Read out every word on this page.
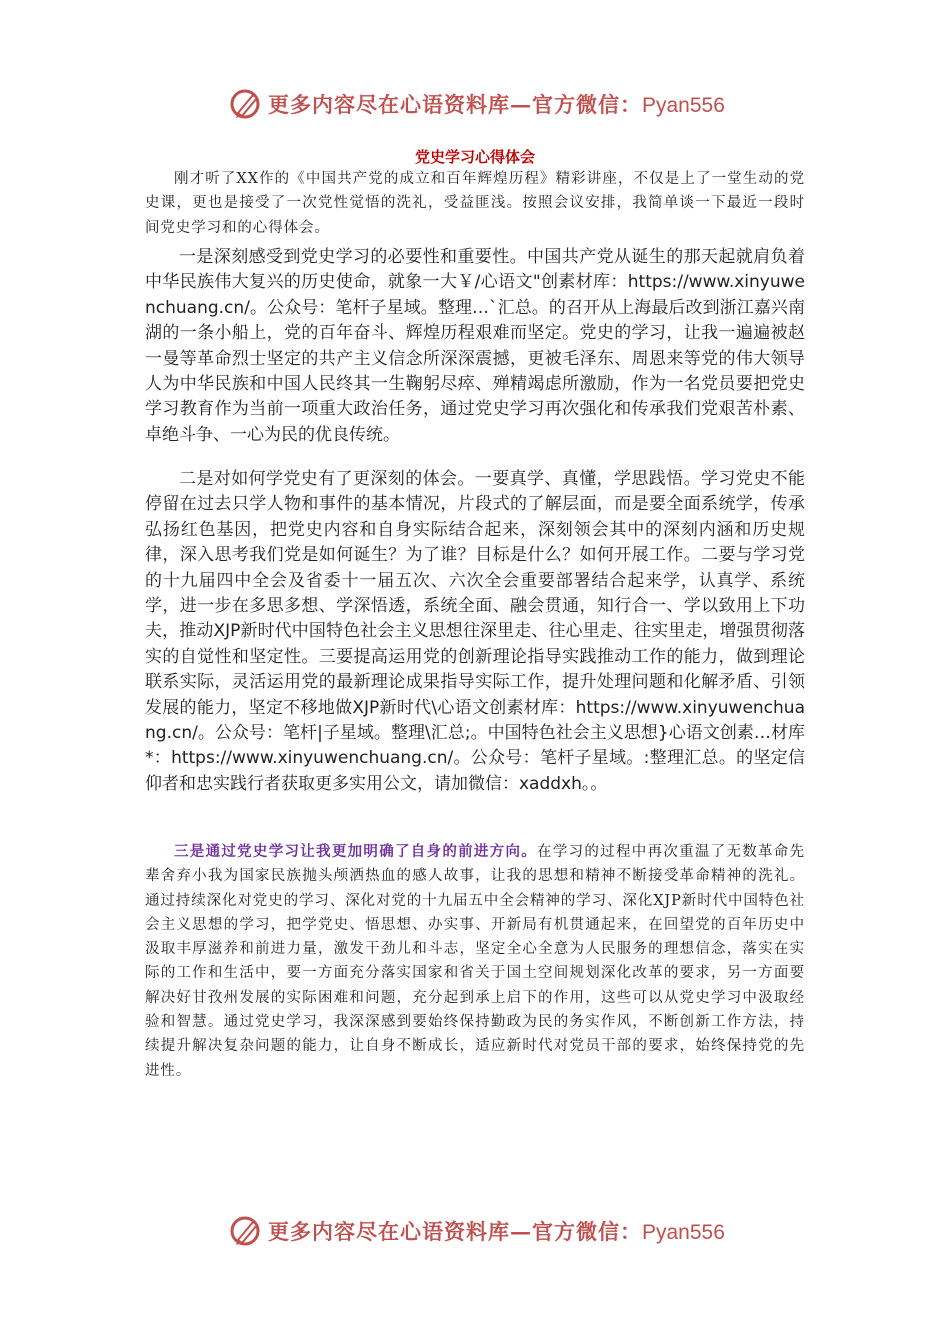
更多内容尽在心语资料库—官方微信：Pyan556
党史学习心得体会

刚才听了XX作的《中国共产党的成立和百年辉煌历程》精彩讲座，不仅是上了一堂生动的党史课，更也是接受了一次党性觉悟的洗礼，受益匪浅。按照会议安排，我简单谈一下最近一段时间党史学习和的心得体会。

一是深刻感受到党史学习的必要性和重要性。中国共产党从诞生的那天起就肩负着中华民族伟大复兴的历史使命，就象一大￥/心语文"创素材库：https://www.xinyuwenchuang.cn/。公众号：笔杆子星域。整理…`汇总。的召开从上海最后改到浙江嘉兴南湖的一条小船上，党的百年奋斗、辉煌历程艰难而坚定。党史的学习，让我一遍遍被赵一曼等革命烈士坚定的共产主义信念所深深震撼，更被毛泽东、周恩来等党的伟大领导人为中华民族和中国人民终其一生鞠躬尽瘁、殚精竭虑所激励，作为一名党员要把党史学习教育作为当前一项重大政治任务，通过党史学习再次强化和传承我们党艰苦朴素、卓绝斗争、一心为民的优良传统。

二是对如何学党史有了更深刻的体会。一要真学、真懂，学思践悟。学习党史不能停留在过去只学人物和事件的基本情况，片段式的了解层面，而是要全面系统学，传承弘扬红色基因，把党史内容和自身实际结合起来，深刻领会其中的深刻内涵和历史规律，深入思考我们党是如何诞生？为了谁？目标是什么？如何开展工作。二要与学习党的十九届四中全会及省委十一届五次、六次全会重要部署结合起来学，认真学、系统学，进一步在多思多想、学深悟透，系统全面、融会贯通，知行合一、学以致用上下功夫，推动XJP新时代中国特色社会主义思想往深里走、往心里走、往实里走，增强贯彻落实的自觉性和坚定性。三要提高运用党的创新理论指导实践推动工作的能力，做到理论联系实际，灵活运用党的最新理论成果指导实际工作，提升处理问题和化解矛盾、引领发展的能力，坚定不移地做XJP新时代\心语文创素材库：https://www.xinyuwenchuang.cn/。公众号：笔杆|子星域。整理\汇总;。中国特色社会主义思想}心语文创素…材库*：https://www.xinyuwenchuang.cn/。公众号：笔杆子星域。:整理汇总。的坚定信仰者和忠实践行者获取更多实用公文，请加微信：xaddxh。。

三是通过党史学习让我更加明确了自身的前进方向。在学习的过程中再次重温了无数革命先辈舍弃小我为国家民族抛头颅洒热血的感人故事，让我的思想和精神不断接受革命精神的洗礼。通过持续深化对党史的学习、深化对党的十九届五中全会精神的学习、深化XJP新时代中国特色社会主义思想的学习，把学党史、悟思想、办实事、开新局有机贯通起来，在回望党的百年历史中汲取丰厚滋养和前进力量，激发干劲儿和斗志，坚定全心全意为人民服务的理想信念，落实在实际的工作和生活中，要一方面充分落实国家和省关于国土空间规划深化改革的要求，另一方面要解决好甘孜州发展的实际困难和问题，充分起到承上启下的作用，这些可以从党史学习中汲取经验和智慧。通过党史学习，我深深感到要始终保持勤政为民的务实作风，不断创新工作方法，持续提升解决复杂问题的能力，让自身不断成长，适应新时代对党员干部的要求，始终保持党的先进性。

更多内容尽在心语资料库—官方微信：Pyan556
